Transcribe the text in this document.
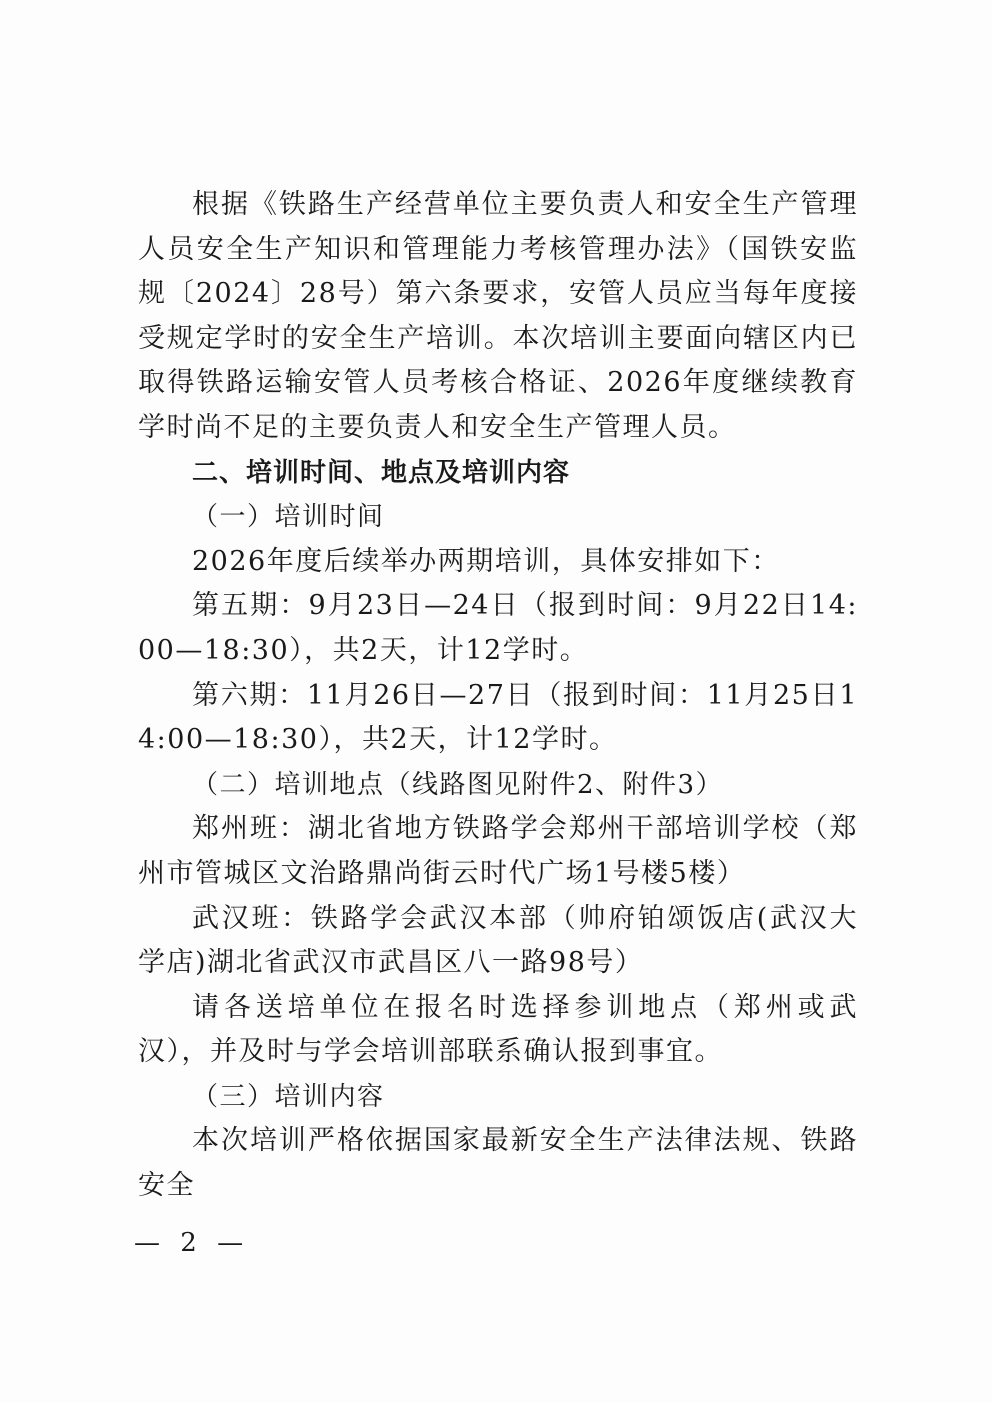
根据《铁路生产经营单位主要负责人和安全生产管理人员安全生产知识和管理能力考核管理办法》（国铁安监规〔2024〕28号）第六条要求，安管人员应当每年度接受规定学时的安全生产培训。本次培训主要面向辖区内已取得铁路运输安管人员考核合格证、2026年度继续教育学时尚不足的主要负责人和安全生产管理人员。

二、培训时间、地点及培训内容

（一）培训时间

2026年度后续举办两期培训，具体安排如下：

第五期：9月23日—24日（报到时间：9月22日14:00—18:30），共2天，计12学时。

第六期：11月26日—27日（报到时间：11月25日14:00—18:30），共2天，计12学时。

（二）培训地点（线路图见附件2、附件3）

郑州班：湖北省地方铁路学会郑州干部培训学校（郑州市管城区文治路鼎尚街云时代广场1号楼5楼）

武汉班：铁路学会武汉本部（帅府铂颂饭店(武汉大学店)湖北省武汉市武昌区八一路98号）

请各送培单位在报名时选择参训地点（郑州或武汉），并及时与学会培训部联系确认报到事宜。

（三）培训内容

本次培训严格依据国家最新安全生产法律法规、铁路安全

— 2 —
